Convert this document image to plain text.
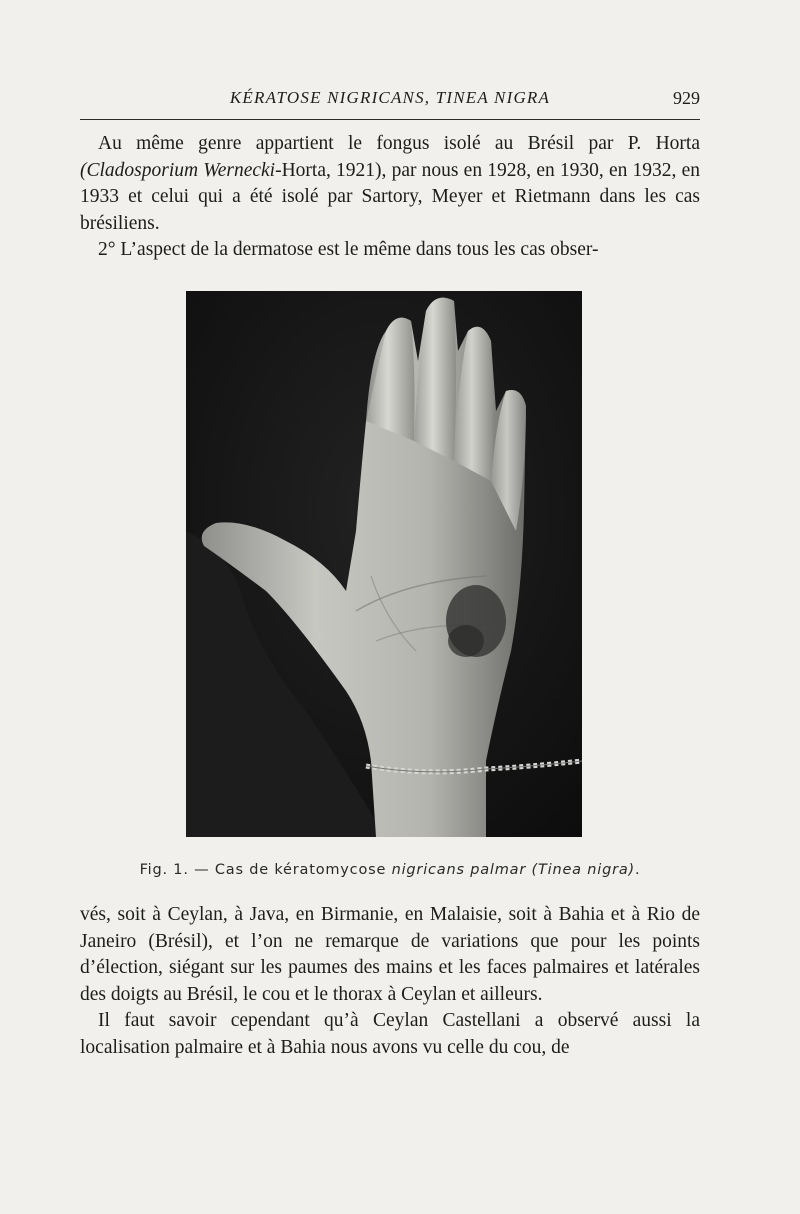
KÉRATOSE NIGRICANS, TINEA NIGRA	929

Au même genre appartient le fongus isolé au Brésil par P. Horta (Cladosporium Wernecki-Horta, 1921), par nous en 1928, en 1930, en 1932, en 1933 et celui qui a été isolé par Sartory, Meyer et Rietmann dans les cas brésiliens.

2° L’aspect de la dermatose est le même dans tous les cas obser-

Fig. 1. — Cas de kératomycose nigricans palmar (Tinea nigra).

vés, soit à Ceylan, à Java, en Birmanie, en Malaisie, soit à Bahia et à Rio de Janeiro (Brésil), et l’on ne remarque de variations que pour les points d’élection, siégant sur les paumes des mains et les faces palmaires et latérales des doigts au Brésil, le cou et le thorax à Ceylan et ailleurs.

Il faut savoir cependant qu’à Ceylan Castellani a observé aussi la localisation palmaire et à Bahia nous avons vu celle du cou, de
